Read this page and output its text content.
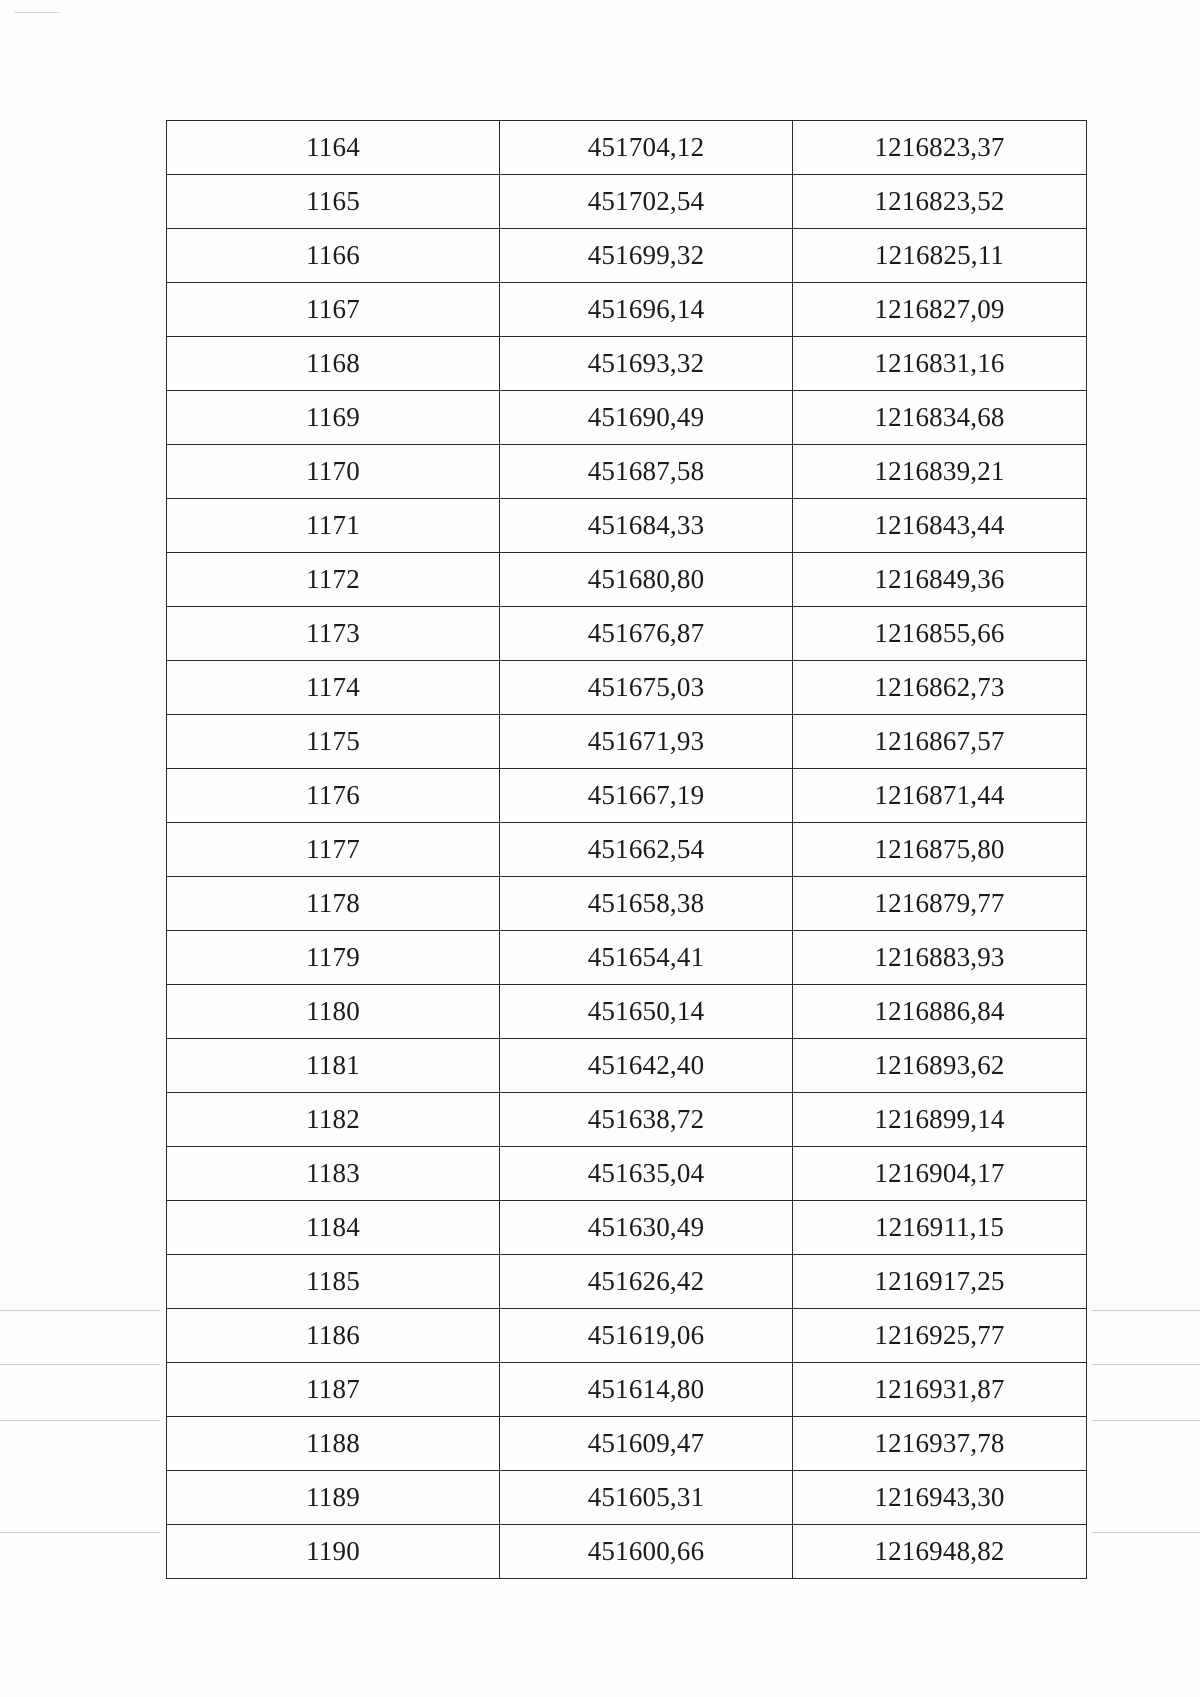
1164	451704,12	1216823,37
1165	451702,54	1216823,52
1166	451699,32	1216825,11
1167	451696,14	1216827,09
1168	451693,32	1216831,16
1169	451690,49	1216834,68
1170	451687,58	1216839,21
1171	451684,33	1216843,44
1172	451680,80	1216849,36
1173	451676,87	1216855,66
1174	451675,03	1216862,73
1175	451671,93	1216867,57
1176	451667,19	1216871,44
1177	451662,54	1216875,80
1178	451658,38	1216879,77
1179	451654,41	1216883,93
1180	451650,14	1216886,84
1181	451642,40	1216893,62
1182	451638,72	1216899,14
1183	451635,04	1216904,17
1184	451630,49	1216911,15
1185	451626,42	1216917,25
1186	451619,06	1216925,77
1187	451614,80	1216931,87
1188	451609,47	1216937,78
1189	451605,31	1216943,30
1190	451600,66	1216948,82
